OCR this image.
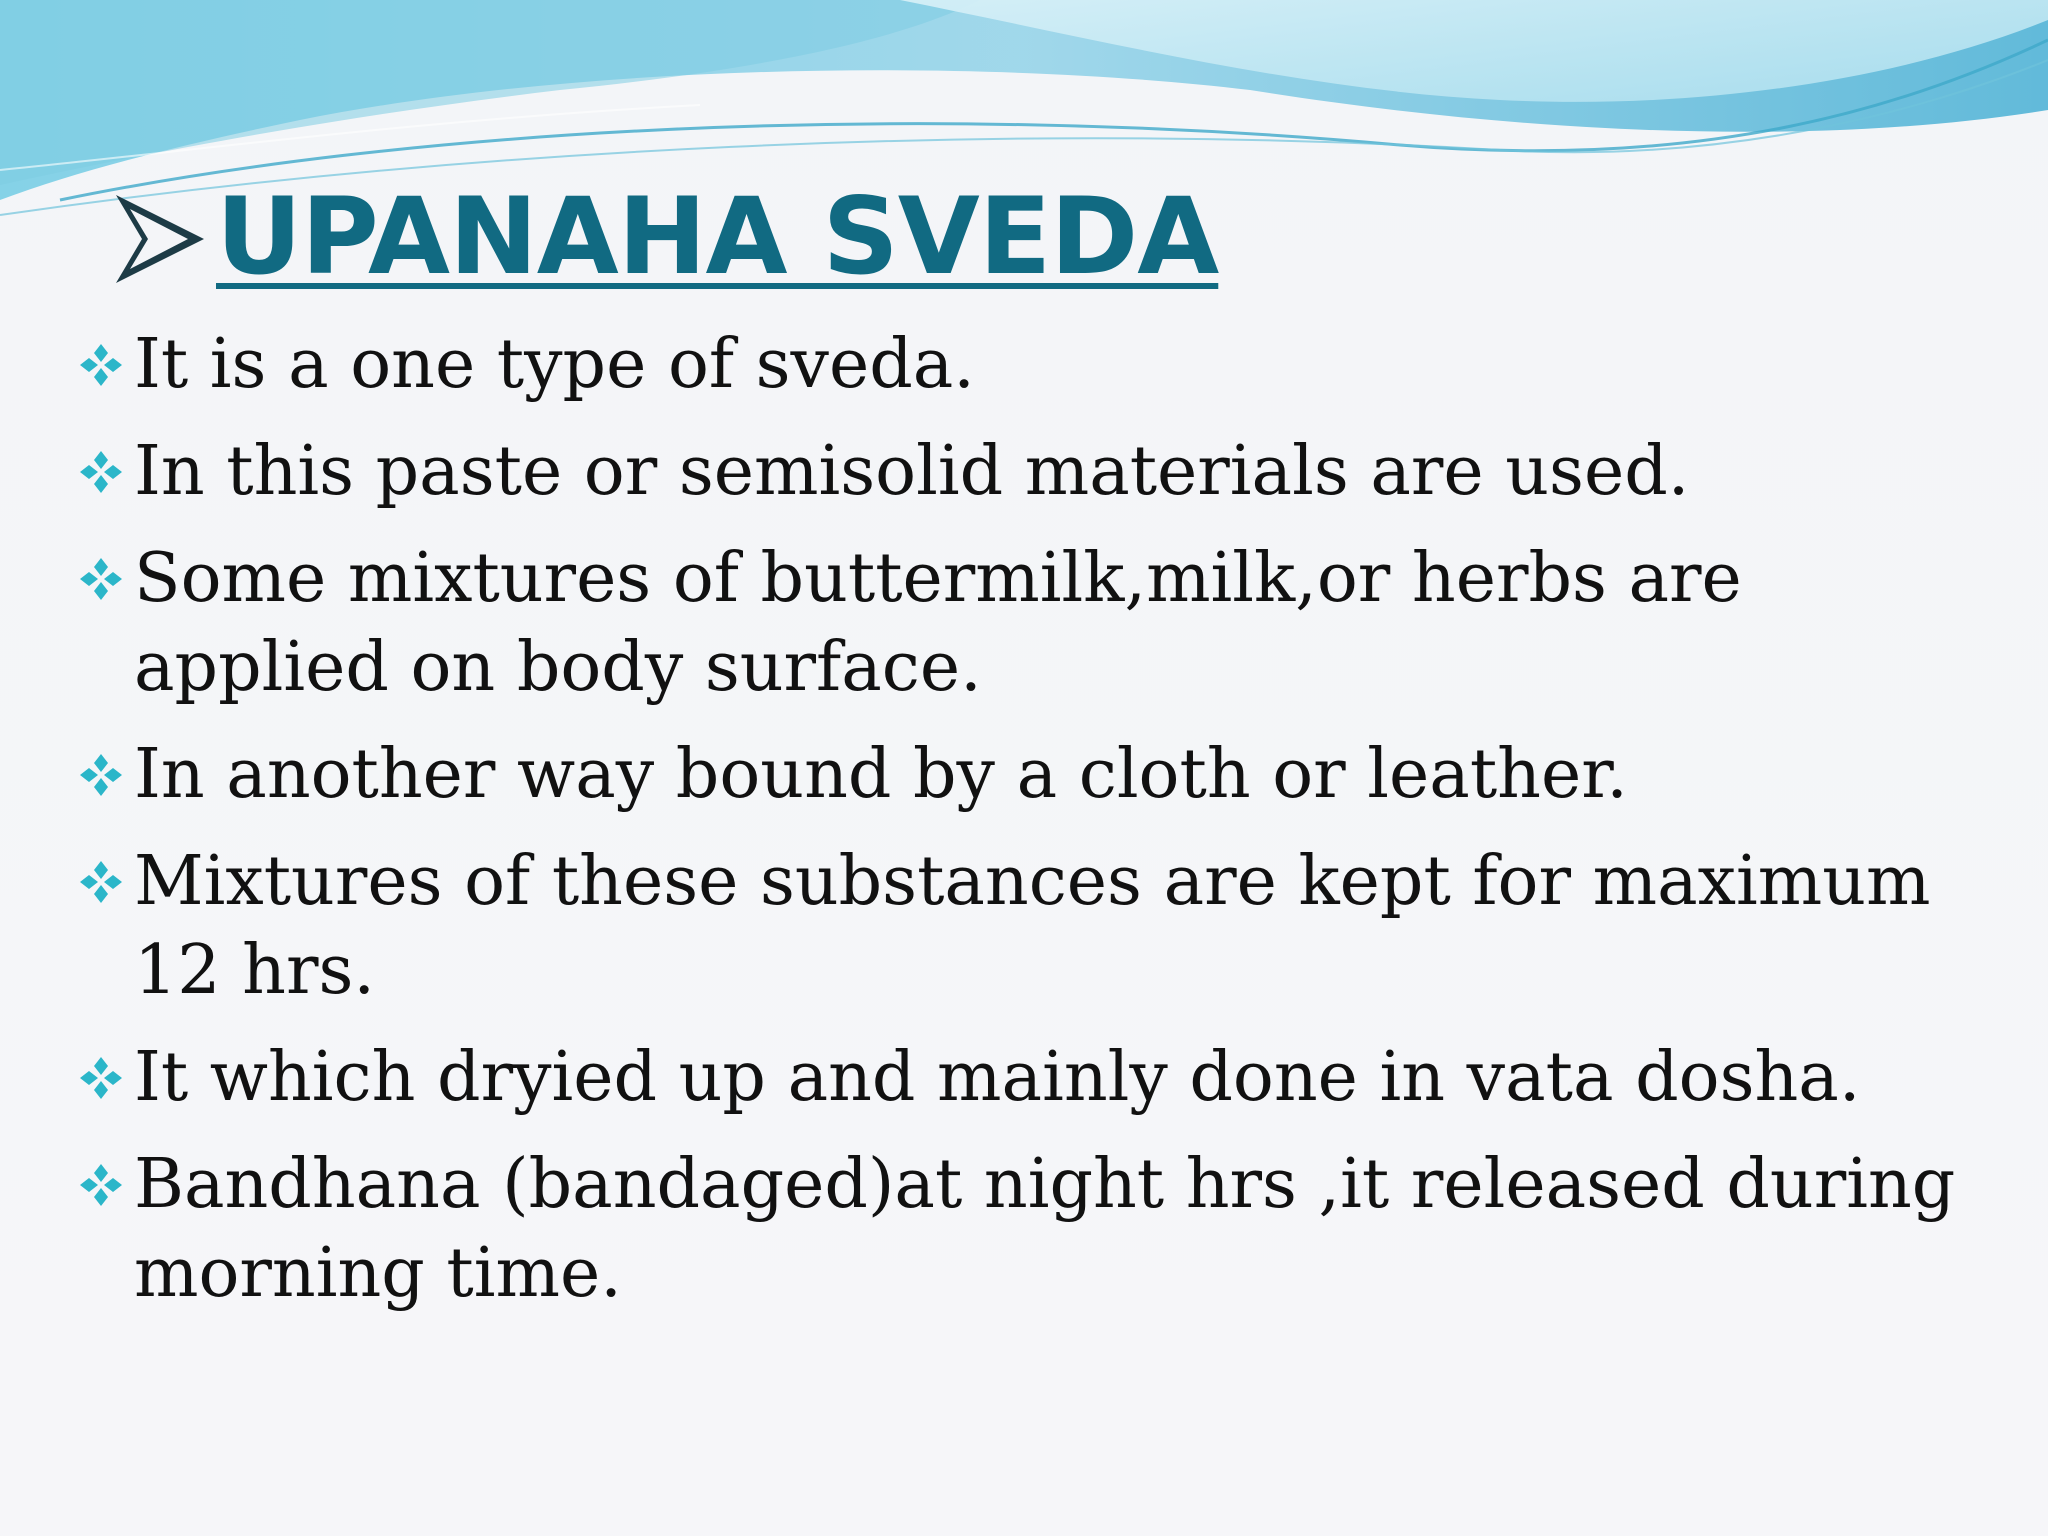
UPANAHA SVEDA
It is a one type of sveda.
In this paste or semisolid materials are used.
Some mixtures of buttermilk,milk,or herbs are applied on body surface.
In another way bound by a cloth or leather.
Mixtures of these substances are kept for maximum 12 hrs.
It which dryied up and mainly done in vata dosha.
Bandhana (bandaged)at night hrs ,it released during morning time.
